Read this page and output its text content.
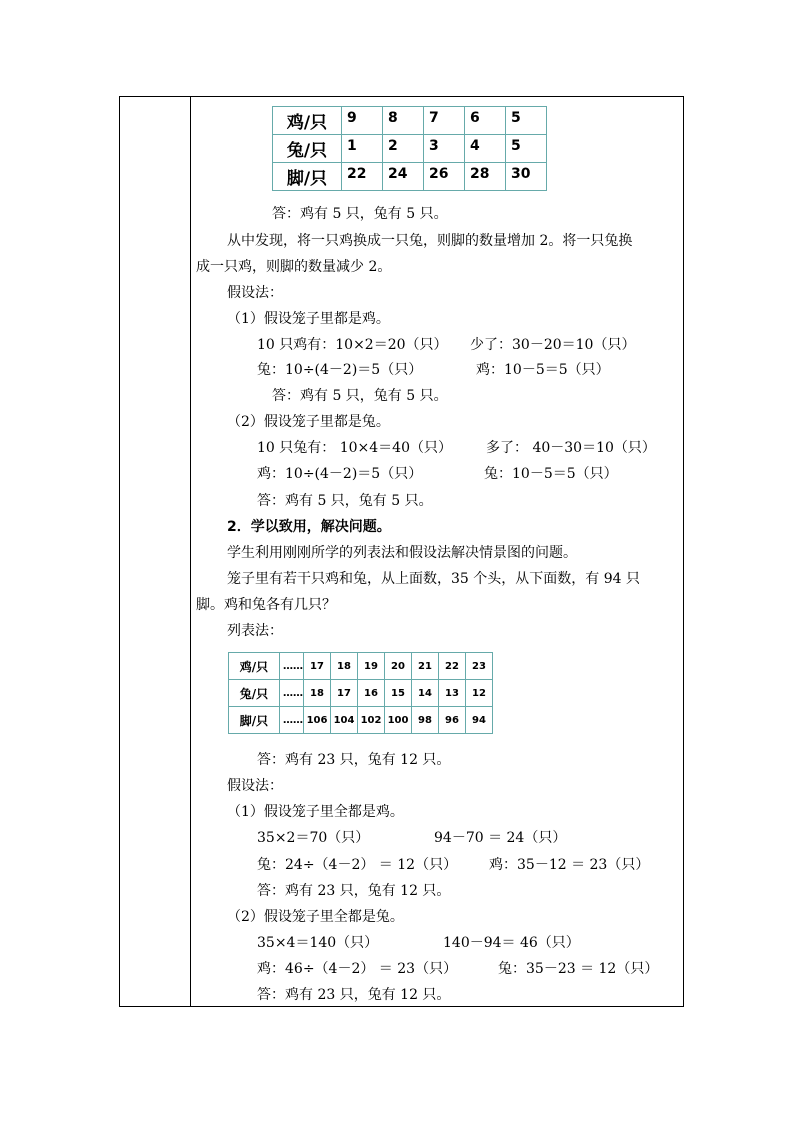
鸡/只	9	8	7	6	5
兔/只	1	2	3	4	5
脚/只	22	24	26	28	30
答：鸡有 5 只，兔有 5 只。
从中发现，将一只鸡换成一只兔，则脚的数量增加 2。将一只兔换
成一只鸡，则脚的数量减少 2。
假设法：
（1）假设笼子里都是鸡。
10 只鸡有：10×2＝20（只） 少了：30－20＝10（只）
兔：10÷(4－2)＝5（只）	鸡：10－5＝5（只）
答：鸡有 5 只，兔有 5 只。
（2）假设笼子里都是兔。
10 只兔有： 10×4＝40（只） 多了： 40－30＝10（只）
鸡：10÷(4－2)＝5（只）	兔：10－5＝5（只）
答：鸡有 5 只，兔有 5 只。
2．学以致用，解决问题。
学生利用刚刚所学的列表法和假设法解决情景图的问题。
笼子里有若干只鸡和兔，从上面数，35 个头，从下面数，有 94 只
脚。鸡和兔各有几只？
列表法：
鸡/只	……	17	18	19	20	21	22	23
兔/只	……	18	17	16	15	14	13	12
脚/只	……	106	104	102	100	98	96	94
答：鸡有 23 只，兔有 12 只。
假设法：
（1）假设笼子里全都是鸡。
35×2＝70（只）	94－70 ＝ 24（只）
兔：24÷（4－2） ＝ 12（只） 鸡：35－12 ＝ 23（只）
答：鸡有 23 只，兔有 12 只。
（2）假设笼子里全都是兔。
35×4＝140（只）	140－94＝ 46（只）
鸡：46÷（4－2） ＝ 23（只）	兔：35－23 ＝ 12（只）
答：鸡有 23 只，兔有 12 只。
